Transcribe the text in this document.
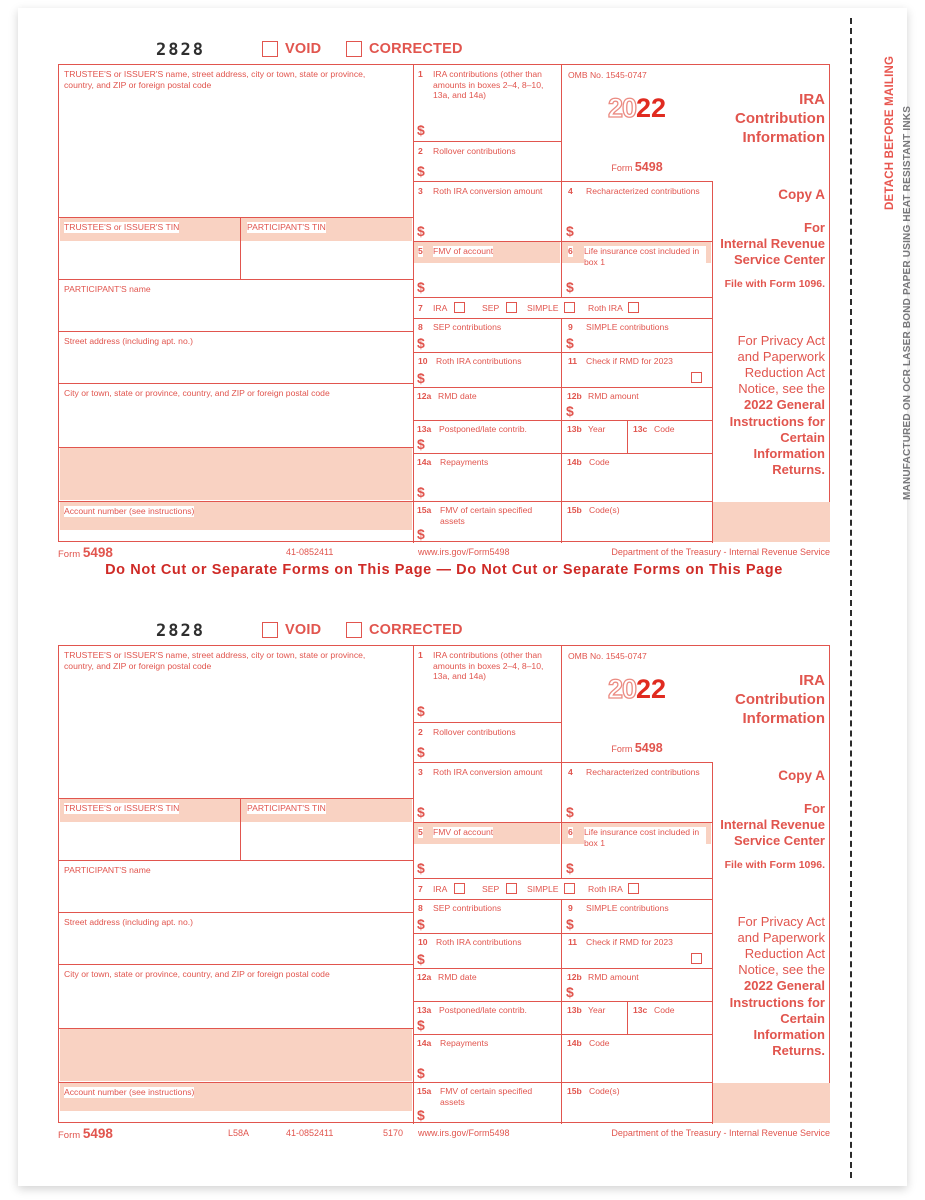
DETACH BEFORE MAILING MANUFACTURED ON OCR LASER BOND PAPER USING HEAT RESISTANT INKS
2828	VOID	CORRECTED
TRUSTEE'S or ISSUER'S name, street address, city or town, state or province, country, and ZIP or foreign postal code
TRUSTEE'S or ISSUER'S TIN	PARTICIPANT'S TIN
PARTICIPANT'S name
Street address (including apt. no.)
City or town, state or province, country, and ZIP or foreign postal code
Account number (see instructions)
1 IRA contributions (other than amounts in boxes 2–4, 8–10, 13a, and 14a)
$
2 Rollover contributions
$
OMB No. 1545-0747
2022
Form 5498
IRA
Contribution
Information
3 Roth IRA conversion amount
$
4 Recharacterized contributions
$
5 FMV of account
$
6 Life insurance cost included in box 1
$
Copy A
For
Internal Revenue
Service Center
File with Form 1096.
For Privacy Act
and Paperwork
Reduction Act
Notice, see the
2022 General
Instructions for
Certain
Information
Returns.
7 IRA	SEP	SIMPLE	Roth IRA
8 SEP contributions
$
9 SIMPLE contributions
$
10 Roth IRA contributions
$
11 Check if RMD for 2023
12a RMD date	12b RMD amount
$
13a Postponed/late contrib.
$
13b Year	13c Code
14a Repayments
$
14b Code
15a FMV of certain specified assets
$
15b Code(s)
Form 5498	41-0852411	www.irs.gov/Form5498	Department of the Treasury - Internal Revenue Service
Do Not Cut or Separate Forms on This Page — Do Not Cut or Separate Forms on This Page
2828	VOID	CORRECTED
TRUSTEE'S or ISSUER'S name, street address, city or town, state or province, country, and ZIP or foreign postal code
TRUSTEE'S or ISSUER'S TIN	PARTICIPANT'S TIN
PARTICIPANT'S name
Street address (including apt. no.)
City or town, state or province, country, and ZIP or foreign postal code
Account number (see instructions)
1 IRA contributions (other than amounts in boxes 2–4, 8–10, 13a, and 14a)
$
2 Rollover contributions
$
OMB No. 1545-0747
2022
Form 5498
IRA
Contribution
Information
3 Roth IRA conversion amount
$
4 Recharacterized contributions
$
5 FMV of account
$
6 Life insurance cost included in box 1
$
Copy A
For
Internal Revenue
Service Center
File with Form 1096.
For Privacy Act
and Paperwork
Reduction Act
Notice, see the
2022 General
Instructions for
Certain
Information
Returns.
7 IRA	SEP	SIMPLE	Roth IRA
8 SEP contributions
$
9 SIMPLE contributions
$
10 Roth IRA contributions
$
11 Check if RMD for 2023
12a RMD date	12b RMD amount
$
13a Postponed/late contrib.
$
13b Year	13c Code
14a Repayments
$
14b Code
15a FMV of certain specified assets
$
15b Code(s)
Form 5498	L58A	41-0852411	5170 www.irs.gov/Form5498	Department of the Treasury - Internal Revenue Service
